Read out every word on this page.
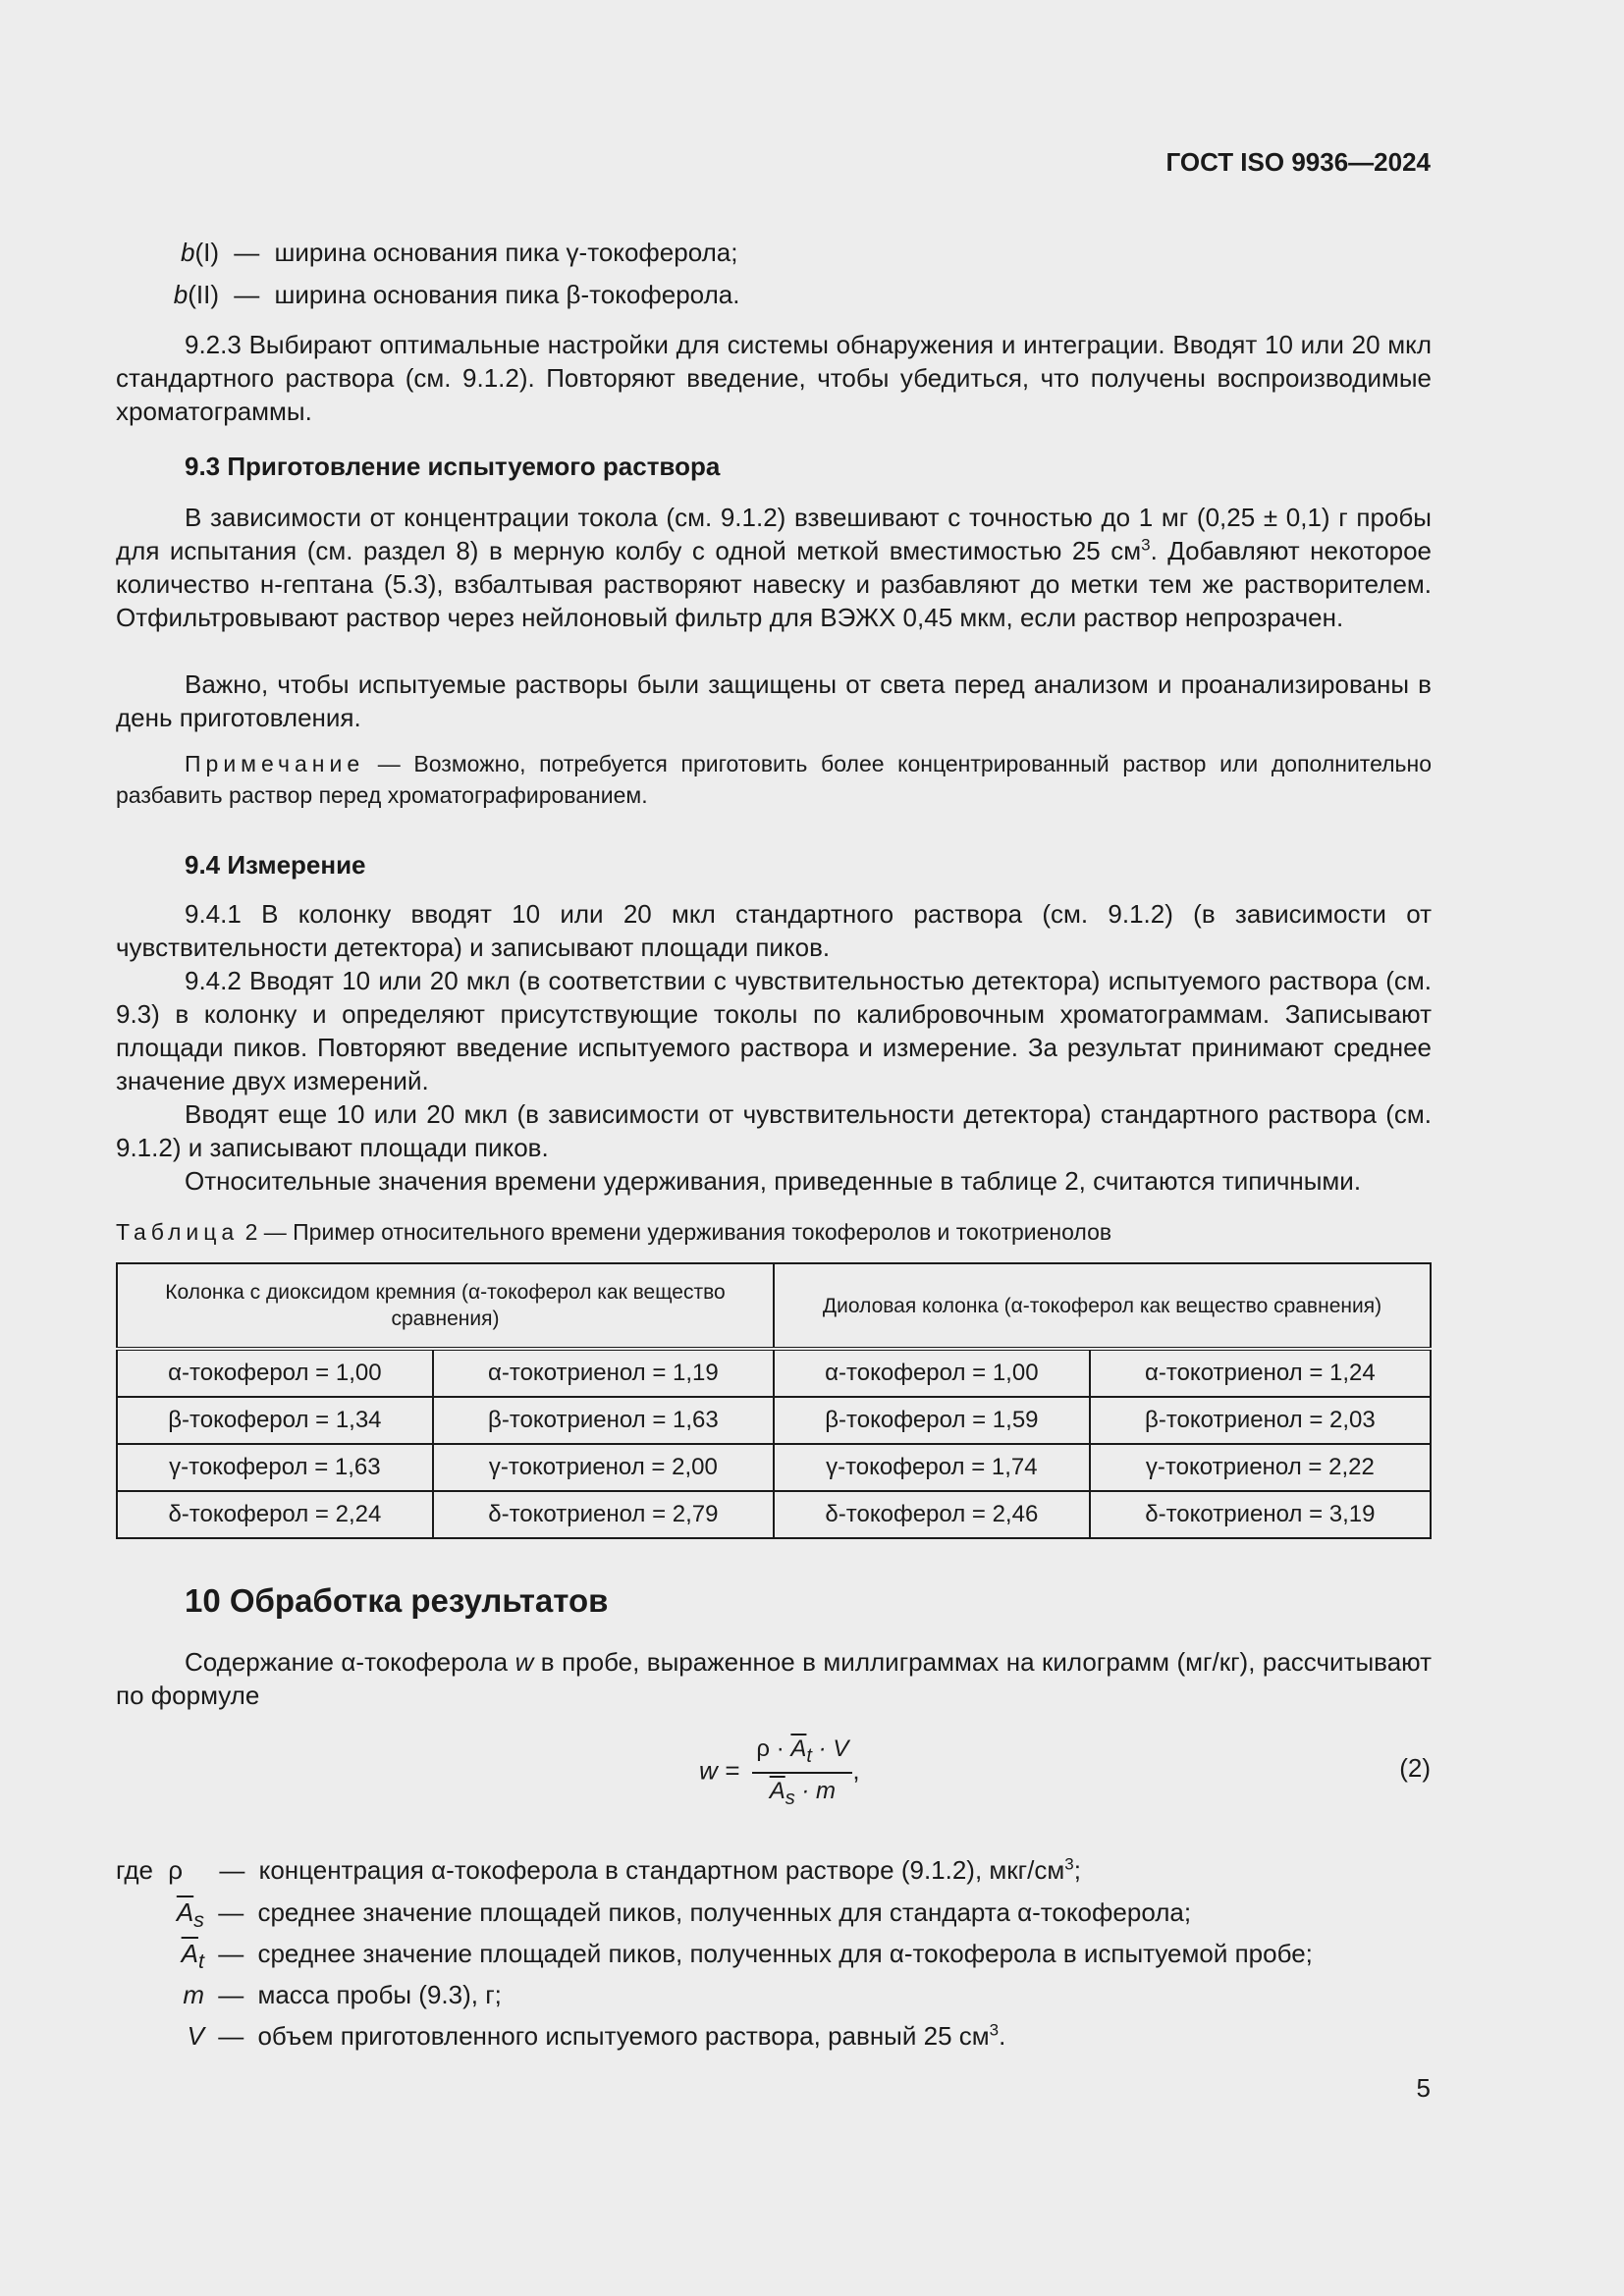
ГОСТ ISO 9936—2024
b(I) — ширина основания пика γ-токоферола;
b(II) — ширина основания пика β-токоферола.

9.2.3 Выбирают оптимальные настройки для системы обнаружения и интеграции. Вводят 10 или 20 мкл стандартного раствора (см. 9.1.2). Повторяют введение, чтобы убедиться, что получены воспроизводимые хроматограммы.

9.3 Приготовление испытуемого раствора

В зависимости от концентрации токола (см. 9.1.2) взвешивают с точностью до 1 мг (0,25 ± 0,1) г пробы для испытания (см. раздел 8) в мерную колбу с одной меткой вместимостью 25 $см^3$. Добавляют некоторое количество н-гептана (5.3), взбалтывая растворяют навеску и разбавляют до метки тем же растворителем. Отфильтровывают раствор через нейлоновый фильтр для ВЭЖХ 0,45 мкм, если раствор непрозрачен.

Важно, чтобы испытуемые растворы были защищены от света перед анализом и проанализированы в день приготовления.

Примечание — Возможно, потребуется приготовить более концентрированный раствор или дополнительно разбавить раствор перед хроматографированием.

9.4 Измерение

9.4.1 В колонку вводят 10 или 20 мкл стандартного раствора (см. 9.1.2) (в зависимости от чувствительности детектора) и записывают площади пиков.

9.4.2 Вводят 10 или 20 мкл (в соответствии с чувствительностью детектора) испытуемого раствора (см. 9.3) в колонку и определяют присутствующие токолы по калибровочным хроматограммам. Записывают площади пиков. Повторяют введение испытуемого раствора и измерение. За результат принимают среднее значение двух измерений.

Вводят еще 10 или 20 мкл (в зависимости от чувствительности детектора) стандартного раствора (см. 9.1.2) и записывают площади пиков.

Относительные значения времени удерживания, приведенные в таблице 2, считаются типичными.

Таблица 2 — Пример относительного времени удерживания токоферолов и токотриенолов
Колонка с диоксидом кремния (α-токоферол как вещество сравнения)		Диоловая колонка (α-токоферол как вещество сравнения)	
α-токоферол = 1,00	α-токотриенол = 1,19	α-токоферол = 1,00	α-токотриенол = 1,24
β-токоферол = 1,34	β-токотриенол = 1,63	β-токоферол = 1,59	β-токотриенол = 2,03
γ-токоферол = 1,63	γ-токотриенол = 2,00	γ-токоферол = 1,74	γ-токотриенол = 2,22
δ-токоферол = 2,24	δ-токотриенол = 2,79	δ-токоферол = 2,46	δ-токотриенол = 3,19
10 Обработка результатов

Содержание α-токоферола w в пробе, выраженное в миллиграммах на килограмм (мг/кг), рассчитывают по формуле

$w = \frac{\rho \cdot \overline{A}_t \cdot V}{\overline{A}_s \cdot m}$ ,	(2)
где ρ — концентрация α-токоферола в стандартном растворе (9.1.2), мкг/$см^3$;
$\overline{A}_s$ — среднее значение площадей пиков, полученных для стандарта α-токоферола;
$\overline{A}_t$ — среднее значение площадей пиков, полученных для α-токоферола в испытуемой пробе;
m — масса пробы (9.3), г;
V — объем приготовленного испытуемого раствора, равный 25 $см^3$.
5
